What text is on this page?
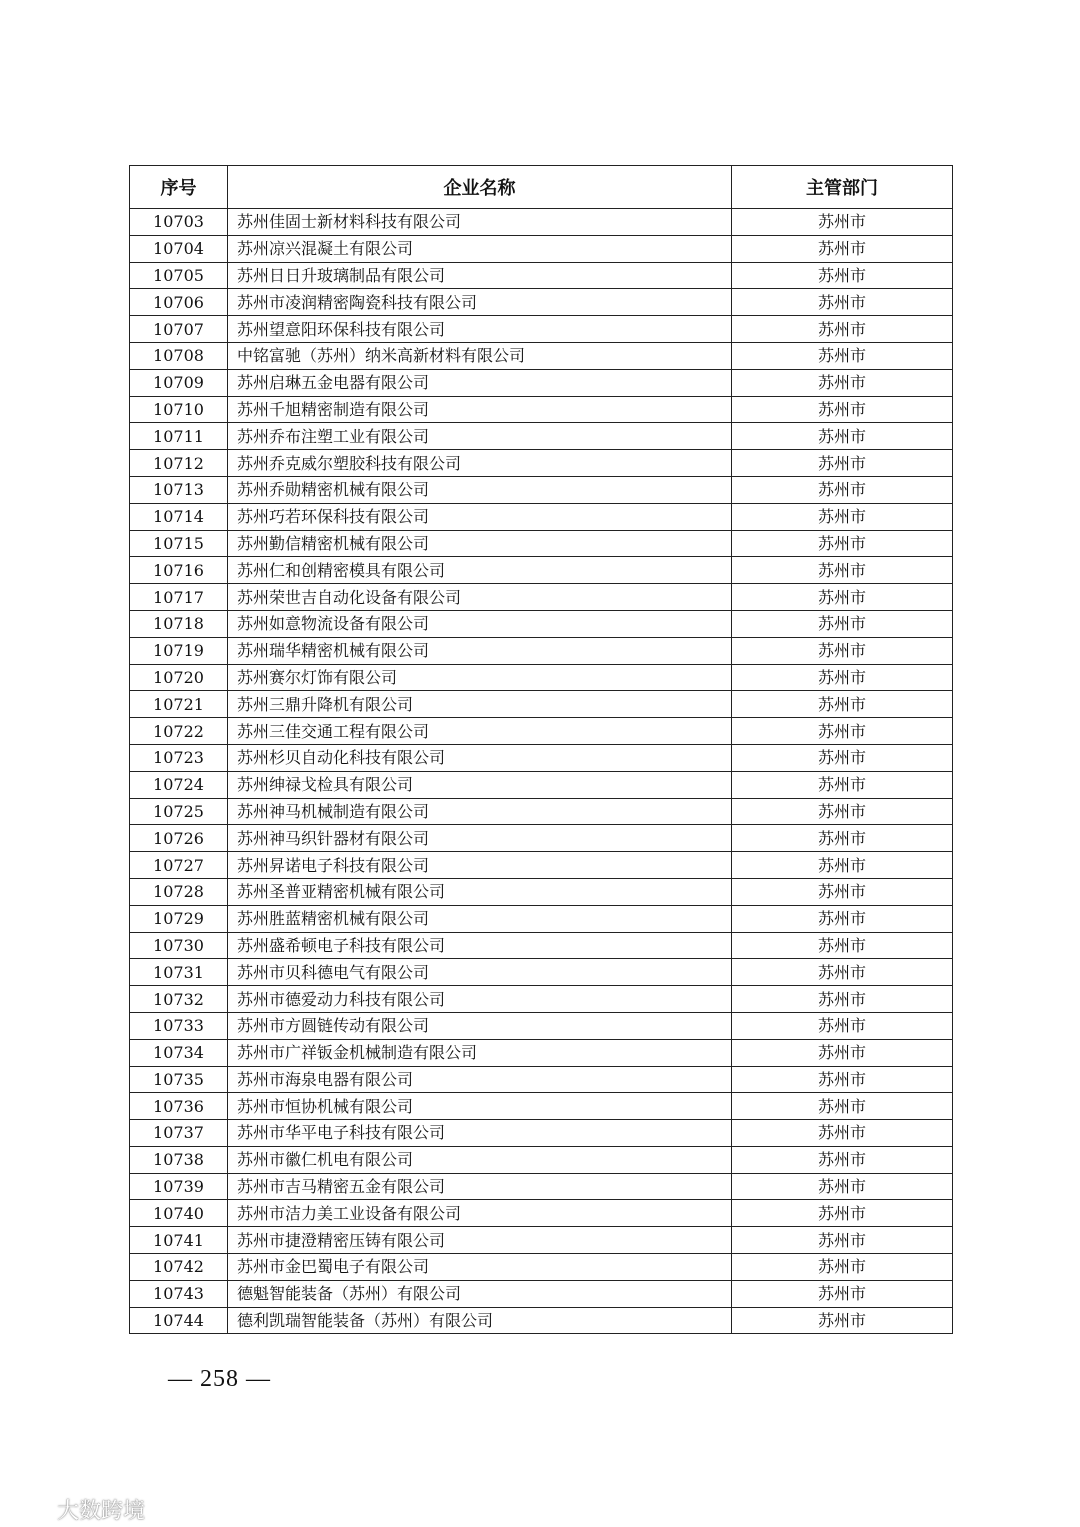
序号	企业名称	主管部门
10703	苏州佳固士新材料科技有限公司	苏州市
10704	苏州凉兴混凝土有限公司	苏州市
10705	苏州日日升玻璃制品有限公司	苏州市
10706	苏州市凌润精密陶瓷科技有限公司	苏州市
10707	苏州望意阳环保科技有限公司	苏州市
10708	中铭富驰（苏州）纳米高新材料有限公司	苏州市
10709	苏州启琳五金电器有限公司	苏州市
10710	苏州千旭精密制造有限公司	苏州市
10711	苏州乔布注塑工业有限公司	苏州市
10712	苏州乔克威尔塑胶科技有限公司	苏州市
10713	苏州乔勋精密机械有限公司	苏州市
10714	苏州巧若环保科技有限公司	苏州市
10715	苏州勤信精密机械有限公司	苏州市
10716	苏州仁和创精密模具有限公司	苏州市
10717	苏州荣世吉自动化设备有限公司	苏州市
10718	苏州如意物流设备有限公司	苏州市
10719	苏州瑞华精密机械有限公司	苏州市
10720	苏州赛尔灯饰有限公司	苏州市
10721	苏州三鼎升降机有限公司	苏州市
10722	苏州三佳交通工程有限公司	苏州市
10723	苏州杉贝自动化科技有限公司	苏州市
10724	苏州绅禄戈检具有限公司	苏州市
10725	苏州神马机械制造有限公司	苏州市
10726	苏州神马织针器材有限公司	苏州市
10727	苏州昇诺电子科技有限公司	苏州市
10728	苏州圣普亚精密机械有限公司	苏州市
10729	苏州胜蓝精密机械有限公司	苏州市
10730	苏州盛希顿电子科技有限公司	苏州市
10731	苏州市贝科德电气有限公司	苏州市
10732	苏州市德爱动力科技有限公司	苏州市
10733	苏州市方圆链传动有限公司	苏州市
10734	苏州市广祥钣金机械制造有限公司	苏州市
10735	苏州市海泉电器有限公司	苏州市
10736	苏州市恒协机械有限公司	苏州市
10737	苏州市华平电子科技有限公司	苏州市
10738	苏州市徽仁机电有限公司	苏州市
10739	苏州市吉马精密五金有限公司	苏州市
10740	苏州市洁力美工业设备有限公司	苏州市
10741	苏州市捷澄精密压铸有限公司	苏州市
10742	苏州市金巴蜀电子有限公司	苏州市
10743	德魁智能装备（苏州）有限公司	苏州市
10744	德利凯瑞智能装备（苏州）有限公司	苏州市
— 258 —
大数跨境
